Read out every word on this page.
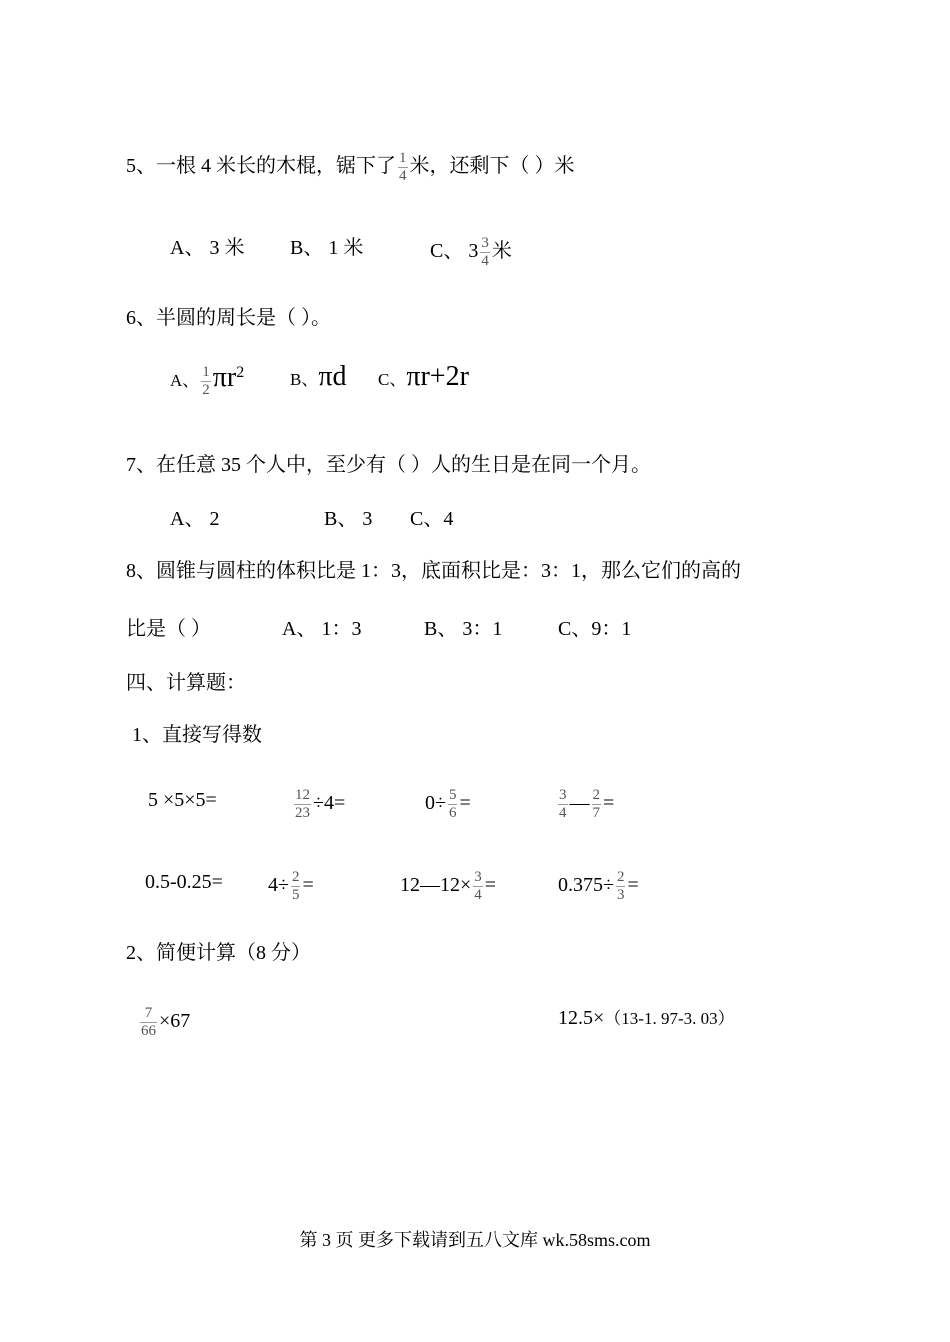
5、一根 4 米长的木棍，锯下了 $\frac{1}{4}$ 米，还剩下（ ）米
A、 3 米 B、 1 米	C、 $3 \frac{3}{4}$ 米
6、半圆的周长是（ ）。
A、 $\frac{1}{2} \pi r^2$	B、πd C、πr+2r
7、在任意 35 个人中，至少有（ ）人的生日是在同一个月。
A、 2	B、 3 C、4
8、圆锥与圆柱的体积比是 1：3，底面积比是：3：1，那么它们的高的
比是（ ）	A、 1：3	B、 3：1	C、9：1
四、计算题：
1、直接写得数
5 ×5×5=	$\frac{12}{23} \div 4=$	$0\div \frac{5}{6}$ =	$\frac{3}{4}$ — $\frac{2}{7}$ =
$0.5-0.25= 4\div \frac{2}{5}$ =	12—12× $\frac{3}{4}$ =	$0.375\div \frac{2}{3}$ =
2、简便计算（8 分）
$\frac{7}{66} \times 67$	12.5×（13-1. 97-3. 03）
第 3 页 更多下载请到五八文库 wk.58sms.com
